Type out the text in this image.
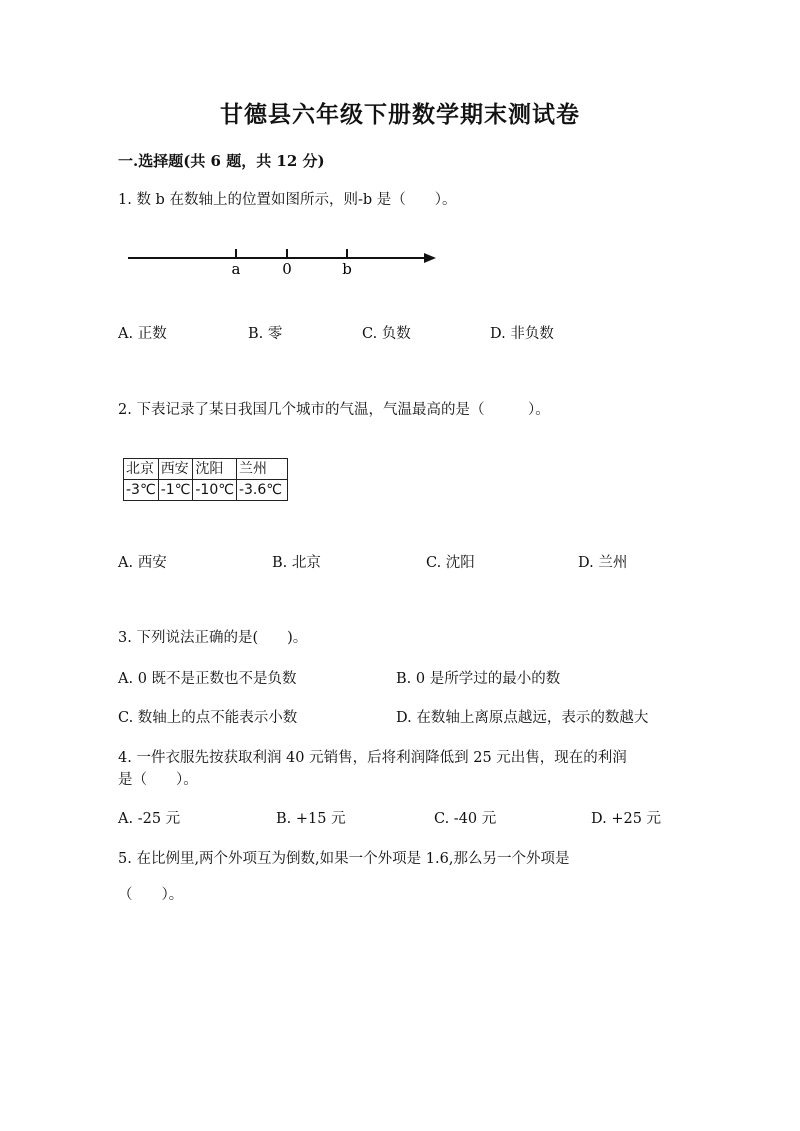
甘德县六年级下册数学期末测试卷
一.选择题(共 6 题，共 12 分)
1. 数 b 在数轴上的位置如图所示，则-b 是（　　）。
a	0	b
A. 正数	B. 零	C. 负数	D. 非负数
2. 下表记录了某日我国几个城市的气温，气温最高的是（　　　）。
北京	西安	沈阳	兰州
-3℃	-1℃	-10℃	-3.6℃
A. 西安	B. 北京	C. 沈阳	D. 兰州
3. 下列说法正确的是(　　)。
A. 0 既不是正数也不是负数	B. 0 是所学过的最小的数
C. 数轴上的点不能表示小数	D. 在数轴上离原点越远，表示的数越大
4. 一件衣服先按获取利润 40 元销售，后将利润降低到 25 元出售，现在的利润
是（　　）。
A. -25 元	B. +15 元	C. -40 元	D. +25 元
5. 在比例里,两个外项互为倒数,如果一个外项是 1.6,那么另一个外项是
（　　）。
